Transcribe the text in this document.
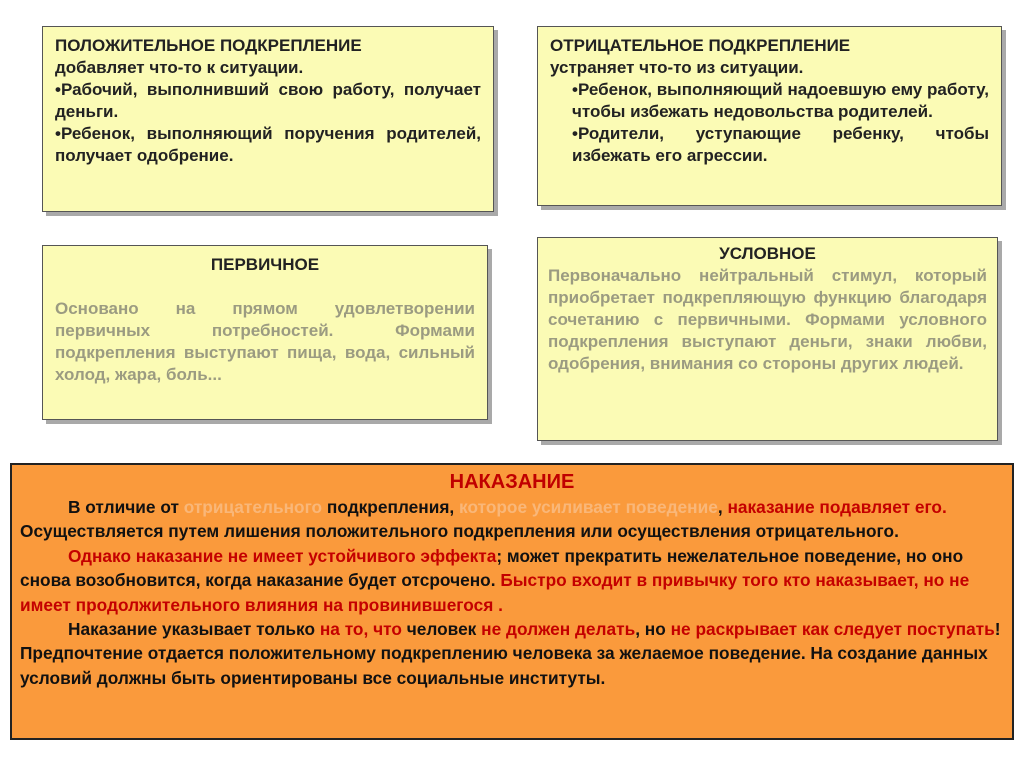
ПОЛОЖИТЕЛЬНОЕ ПОДКРЕПЛЕНИЕ
добавляет что-то к ситуации.
•Рабочий, выполнивший свою работу, получает деньги.
•Ребенок, выполняющий поручения родителей, получает одобрение.
ОТРИЦАТЕЛЬНОЕ ПОДКРЕПЛЕНИЕ
устраняет что-то из ситуации.
•Ребенок, выполняющий надоевшую ему работу, чтобы избежать недовольства родителей.
•Родители, уступающие ребенку, чтобы избежать его агрессии.
ПЕРВИЧНОЕ
Основано на прямом удовлетворении первичных потребностей. Формами подкрепления выступают пища, вода, сильный холод, жара, боль...
УСЛОВНОЕ
Первоначально нейтральный стимул, который приобретает подкрепляющую функцию благодаря сочетанию с первичными. Формами условного подкрепления выступают деньги, знаки любви, одобрения, внимания со стороны других людей.
НАКАЗАНИЕ

В отличие от отрицательного подкрепления, которое усиливает поведение, наказание подавляет его. Осуществляется путем лишения положительного подкрепления или осуществления отрицательного.

Однако наказание не имеет устойчивого эффекта; может прекратить нежелательное поведение, но оно снова возобновится, когда наказание будет отсрочено. Быстро входит в привычку того кто наказывает, но не имеет продолжительного влияния на провинившегося .

Наказание указывает только на то, что человек не должен делать, но не раскрывает как следует поступать! Предпочтение отдается положительному подкреплению человека за желаемое поведение. На создание данных условий должны быть ориентированы все социальные институты.
